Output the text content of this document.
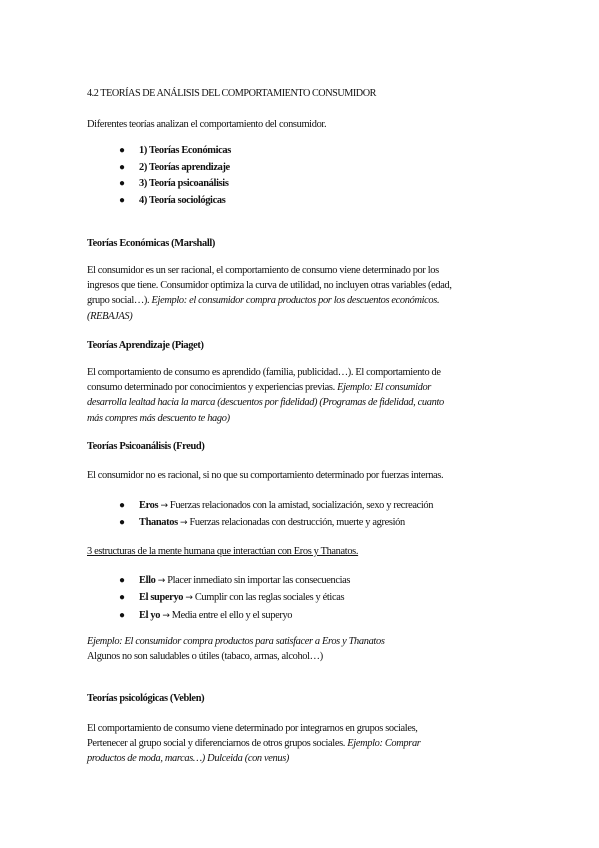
4.2 TEORÍAS DE ANÁLISIS DEL COMPORTAMIENTO CONSUMIDOR
Diferentes teorías analizan el comportamiento del consumidor.
● 1) Teorías Económicas
● 2) Teorías aprendizaje
● 3) Teoría psicoanálisis
● 4) Teoría sociológicas
Teorías Económicas (Marshall)
El consumidor es un ser racional, el comportamiento de consumo viene determinado por los
ingresos que tiene. Consumidor optimiza la curva de utilidad, no incluyen otras variables (edad,
grupo social…). Ejemplo: el consumidor compra productos por los descuentos económicos.
(REBAJAS)
Teorías Aprendizaje (Piaget)
El comportamiento de consumo es aprendido (familia, publicidad…). El comportamiento de
consumo determinado por conocimientos y experiencias previas. Ejemplo: El consumidor
desarrolla lealtad hacia la marca (descuentos por fidelidad) (Programas de fidelidad, cuanto
más compres más descuento te hago)
Teorías Psicoanálisis (Freud)
El consumidor no es racional, si no que su comportamiento determinado por fuerzas internas.
● Eros → Fuerzas relacionados con la amistad, socialización, sexo y recreación
● Thanatos → Fuerzas relacionadas con destrucción, muerte y agresión
3 estructuras de la mente humana que interactúan con Eros y Thanatos.
● Ello → Placer inmediato sin importar las consecuencias
● El superyo → Cumplir con las reglas sociales y éticas
● El yo → Media entre el ello y el superyo
Ejemplo: El consumidor compra productos para satisfacer a Eros y Thanatos
Algunos no son saludables o útiles (tabaco, armas, alcohol…)
Teorías psicológicas (Veblen)
El comportamiento de consumo viene determinado por integrarnos en grupos sociales,
Pertenecer al grupo social y diferenciarnos de otros grupos sociales. Ejemplo: Comprar
productos de moda, marcas…) Dulceida (con venus)
